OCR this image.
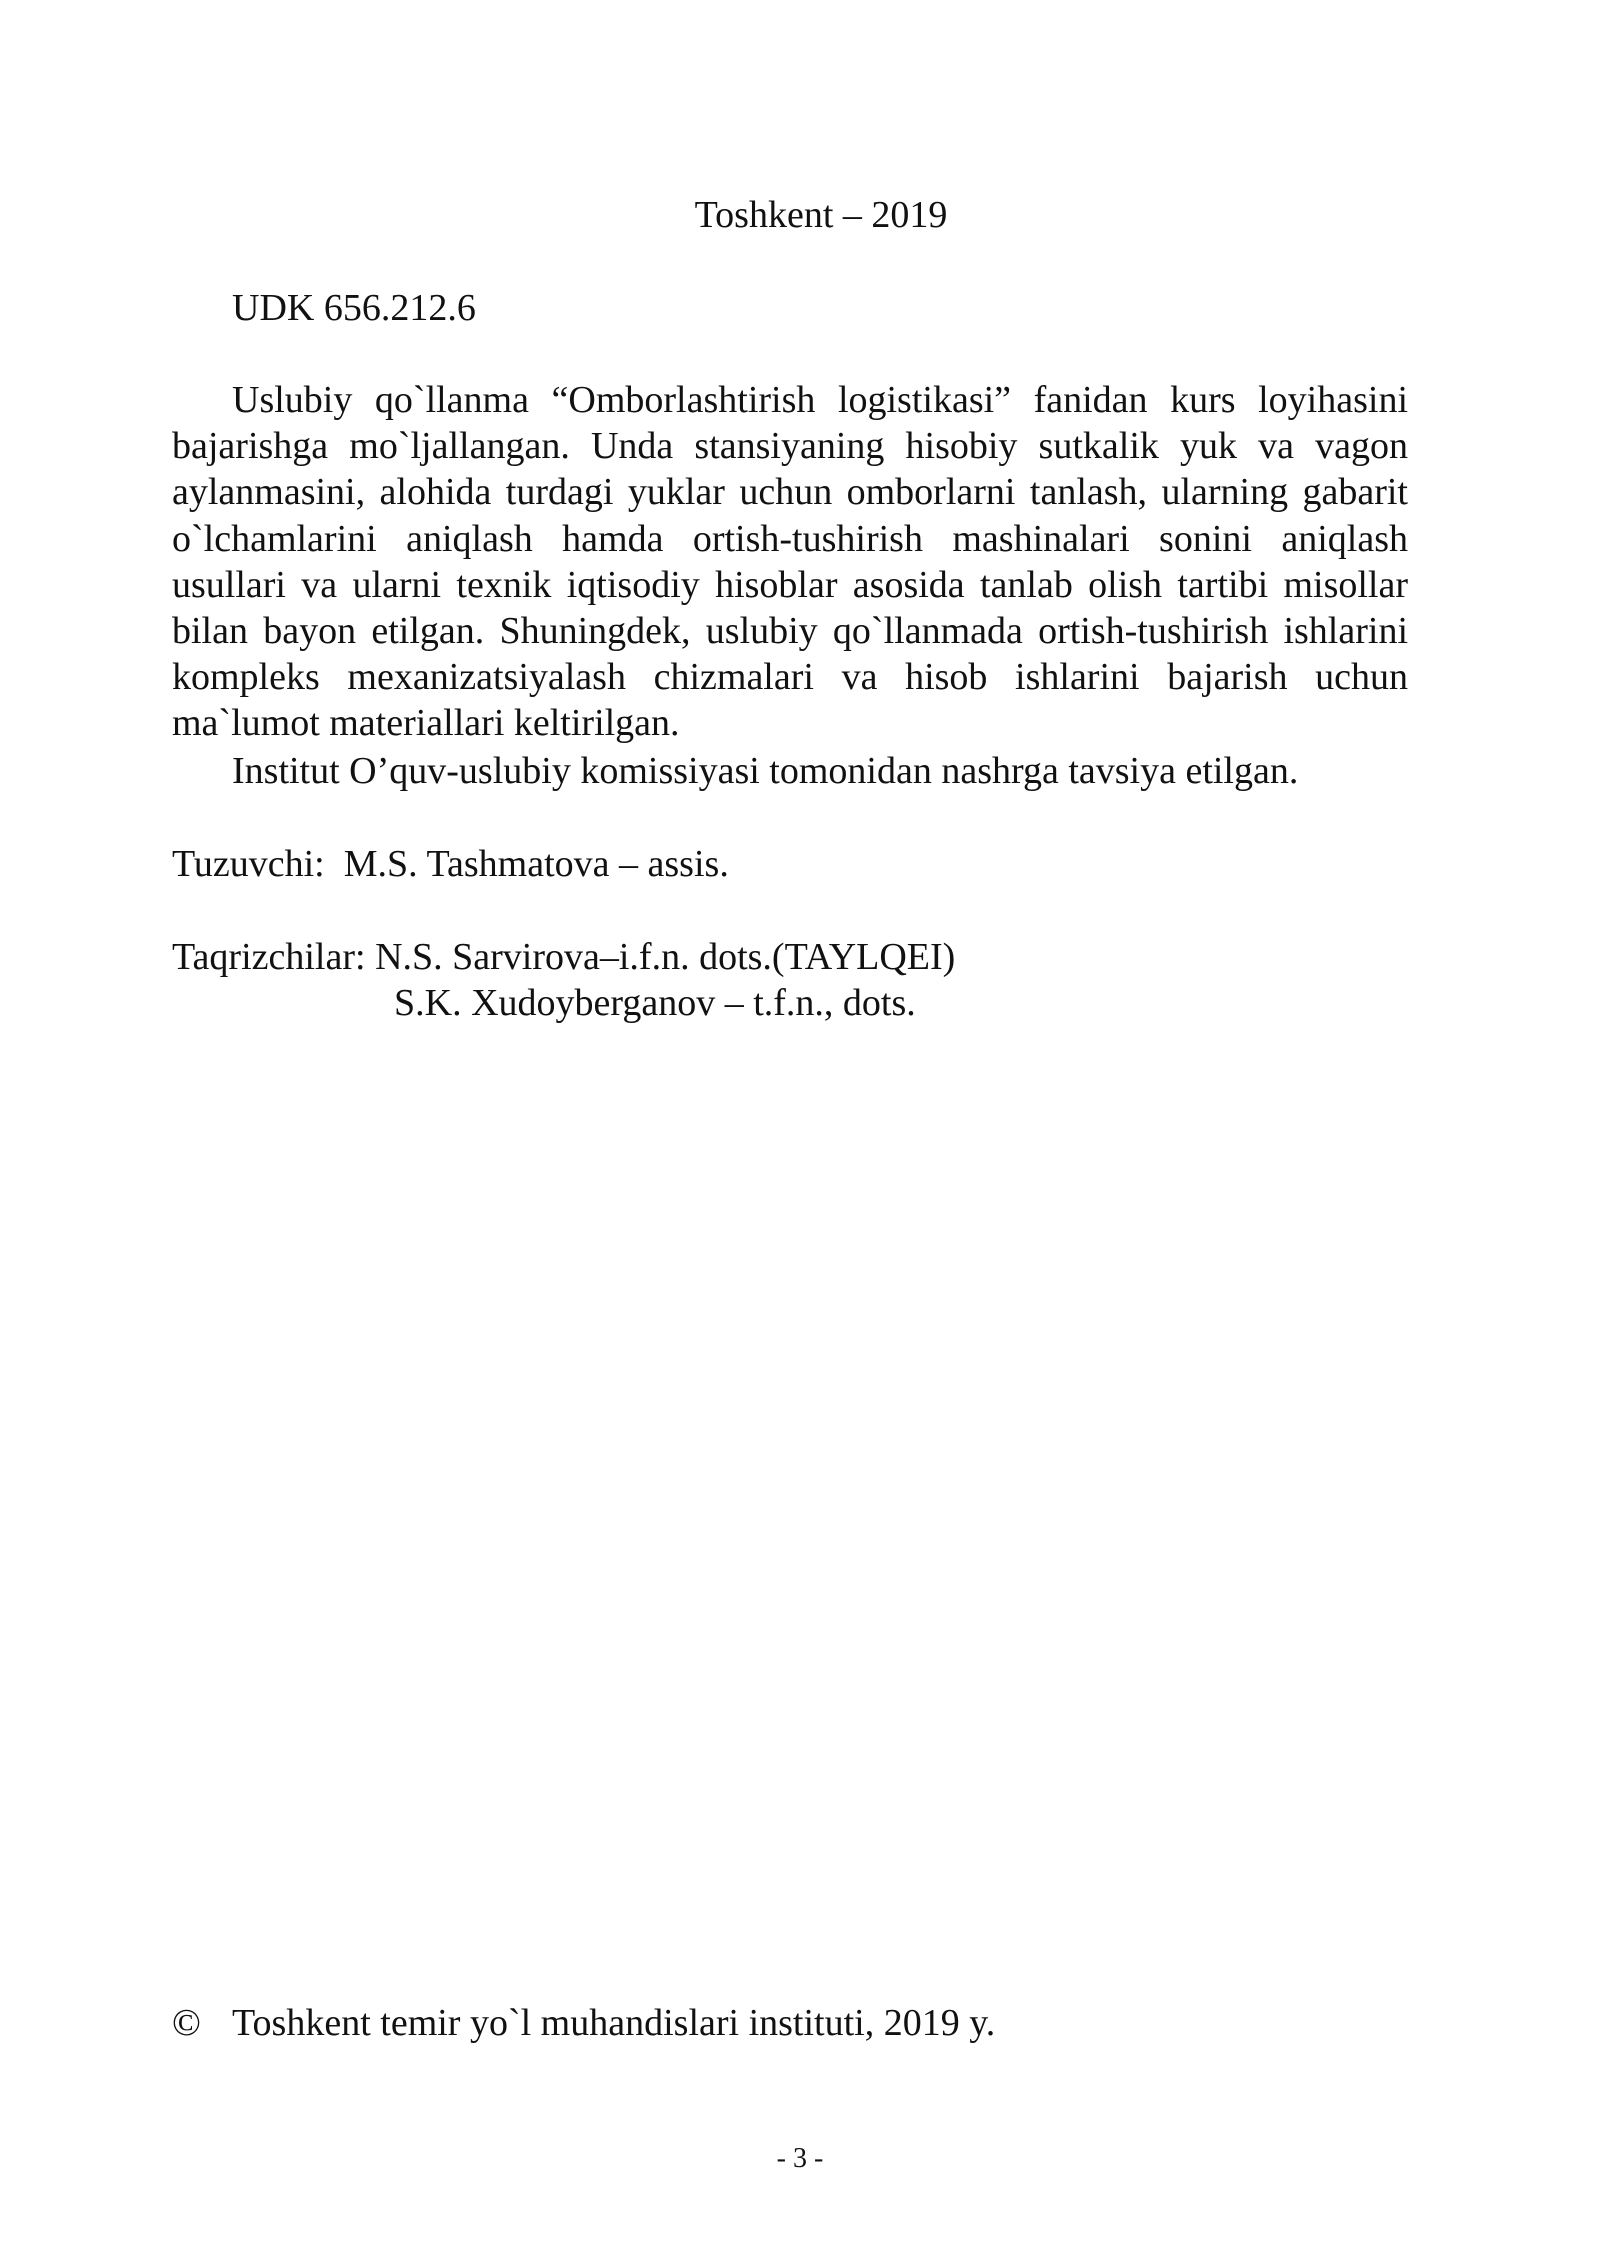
Toshkent – 2019
UDK 656.212.6

Uslubiy qo`llanma “Omborlashtirish logistikasi” fanidan kurs loyihasini bajarishga mo`ljallangan. Unda stansiyaning hisobiy sutkalik yuk va vagon aylanmasini, alohida turdagi yuklar uchun omborlarni tanlash, ularning gabarit o`lchamlarini aniqlash hamda ortish-tushirish mashinalari sonini aniqlash usullari va ularni texnik iqtisodiy hisoblar asosida tanlab olish tartibi misollar bilan bayon etilgan. Shuningdek, uslubiy qo`llanmada ortish-tushirish ishlarini kompleks mexanizatsiyalash chizmalari va hisob ishlarini bajarish uchun ma`lumot materiallari keltirilgan.

Institut O’quv-uslubiy komissiyasi tomonidan nashrga tavsiya etilgan.

Tuzuvchi: M.S. Tashmatova – assis.
Taqrizchilar: N.S. Sarvirova–i.f.n. dots.(TAYLQEI)
S.K. Xudoyberganov – t.f.n., dots.
© Toshkent temir yo`l muhandislari instituti, 2019 y.
- 3 -
